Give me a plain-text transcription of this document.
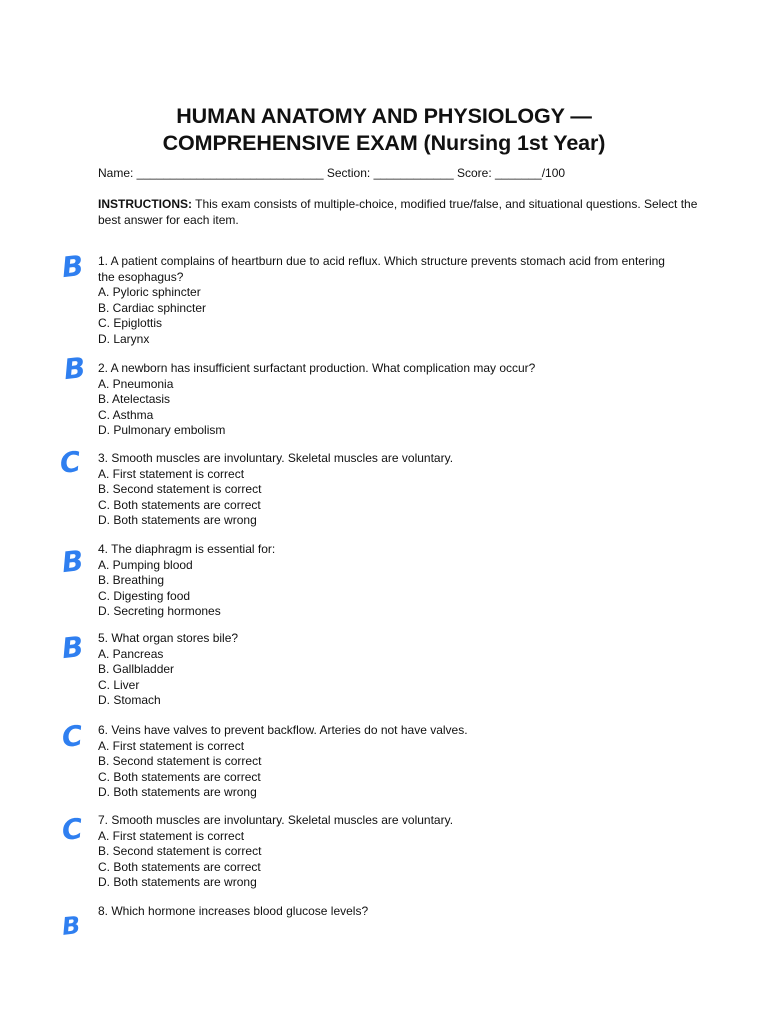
HUMAN ANATOMY AND PHYSIOLOGY —
COMPREHENSIVE EXAM (Nursing 1st Year)
Name: ____________________________ Section: ____________ Score: _______/100
INSTRUCTIONS: This exam consists of multiple-choice, modified true/false, and situational questions. Select the best answer for each item.
B 1. A patient complains of heartburn due to acid reflux. Which structure prevents stomach acid from entering the esophagus?
A. Pyloric sphincter
B. Cardiac sphincter
C. Epiglottis
D. Larynx
B 2. A newborn has insufficient surfactant production. What complication may occur?
A. Pneumonia
B. Atelectasis
C. Asthma
D. Pulmonary embolism
C 3. Smooth muscles are involuntary. Skeletal muscles are voluntary.
A. First statement is correct
B. Second statement is correct
C. Both statements are correct
D. Both statements are wrong
B 4. The diaphragm is essential for:
A. Pumping blood
B. Breathing
C. Digesting food
D. Secreting hormones
B 5. What organ stores bile?
A. Pancreas
B. Gallbladder
C. Liver
D. Stomach
C 6. Veins have valves to prevent backflow. Arteries do not have valves.
A. First statement is correct
B. Second statement is correct
C. Both statements are correct
D. Both statements are wrong
C 7. Smooth muscles are involuntary. Skeletal muscles are voluntary.
A. First statement is correct
B. Second statement is correct
C. Both statements are correct
D. Both statements are wrong
B
8. Which hormone increases blood glucose levels?
